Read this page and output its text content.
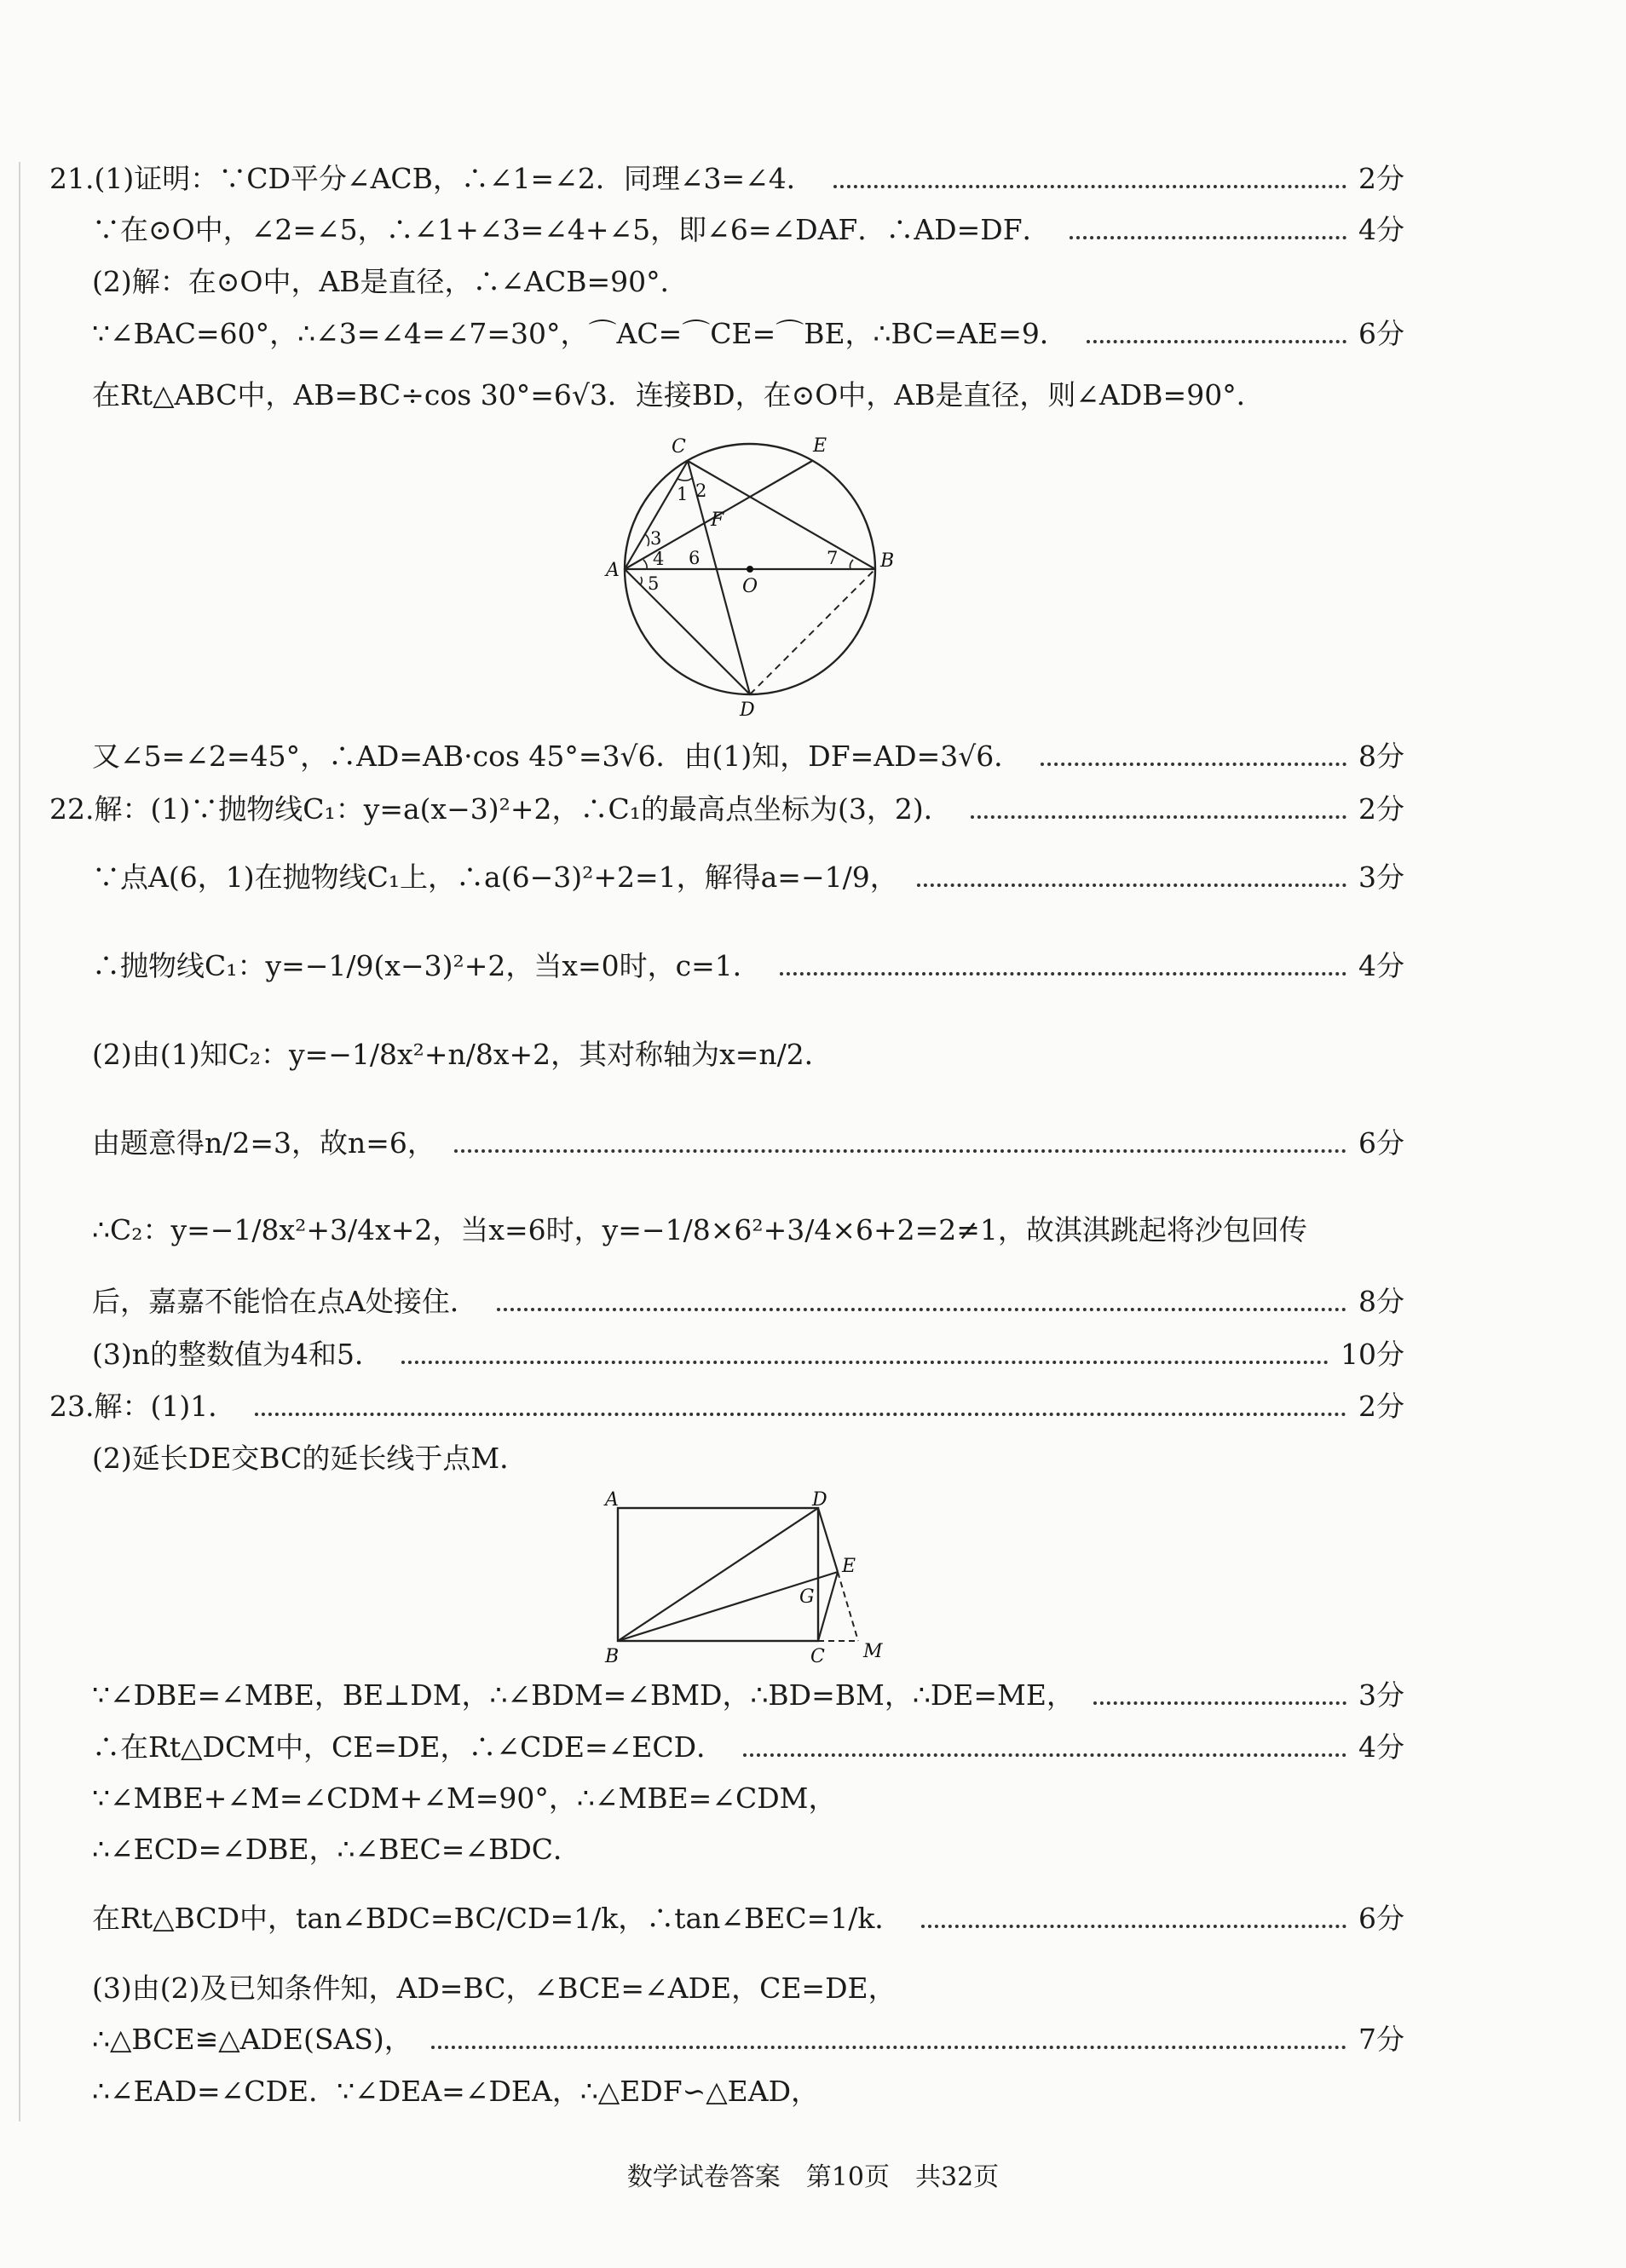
21.(1)证明：∵CD平分∠ACB，∴∠1=∠2．同理∠3=∠4．	2分
∵在⊙O中，∠2=∠5，∴∠1+∠3=∠4+∠5，即∠6=∠DAF．∴AD=DF．	4分
(2)解：在⊙O中，AB是直径，∴∠ACB=90°．
∵∠BAC=60°，∴∠3=∠4=∠7=30°，⌒AC=⌒CE=⌒BE，∴BC=AE=9．	6分
在Rt△ABC中，AB=BC÷cos 30°=6√3．连接BD，在⊙O中，AB是直径，则∠ADB=90°．
C	E
A	B
O
D
F
1 2
3
4
5
6	7
又∠5=∠2=45°，∴AD=AB·cos 45°=3√6．由(1)知，DF=AD=3√6．	8分
22.解：(1)∵抛物线C₁：y=a(x−3)²+2，∴C₁的最高点坐标为(3，2)．	2分
∵点A(6，1)在抛物线C₁上，∴a(6−3)²+2=1，解得a=−1/9，	3分
∴抛物线C₁：y=−1/9(x−3)²+2，当x=0时，c=1．	4分
(2)由(1)知C₂：y=−1/8x²+n/8x+2，其对称轴为x=n/2．
由题意得n/2=3，故n=6，	6分
∴C₂：y=−1/8x²+3/4x+2，当x=6时，y=−1/8×6²+3/4×6+2=2≠1，故淇淇跳起将沙包回传
后，嘉嘉不能恰在点A处接住．	8分
(3)n的整数值为4和5．	10分
23.解：(1)1．	2分
(2)延长DE交BC的延长线于点M．
A	D
E
G
B	C M
∵∠DBE=∠MBE，BE⊥DM，∴∠BDM=∠BMD，∴BD=BM，∴DE=ME，	3分
∴在Rt△DCM中，CE=DE，∴∠CDE=∠ECD．	4分
∵∠MBE+∠M=∠CDM+∠M=90°，∴∠MBE=∠CDM，
∴∠ECD=∠DBE，∴∠BEC=∠BDC．
在Rt△BCD中，tan∠BDC=BC/CD=1/k，∴tan∠BEC=1/k．	6分
(3)由(2)及已知条件知，AD=BC，∠BCE=∠ADE，CE=DE，
∴△BCE≌△ADE(SAS)，	7分
∴∠EAD=∠CDE．∵∠DEA=∠DEA，∴△EDF∽△EAD，
数学试卷答案　第10页　共32页
